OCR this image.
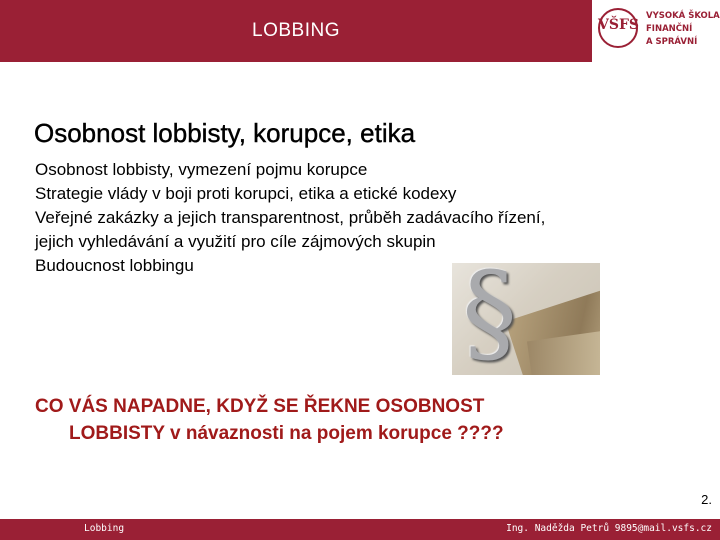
LOBBING	VŠFS
VYSOKÁ ŠKOLA
FINANČNÍ
A SPRÁVNÍ
Osobnost lobbisty, korupce, etika
Osobnost lobbisty, vymezení pojmu korupce
Strategie vlády v boji proti korupci, etika a etické kodexy
Veřejné zakázky a jejich transparentnost, průběh zadávacího řízení,
jejich vyhledávání a využití pro cíle zájmových skupin
Budoucnost lobbingu	§
CO VÁS NAPADNE, KDYŽ SE ŘEKNE OSOBNOST
LOBBISTY v návaznosti na pojem korupce ????
2.
Lobbing	Ing. Naděžda Petrů 9895@mail.vsfs.cz
